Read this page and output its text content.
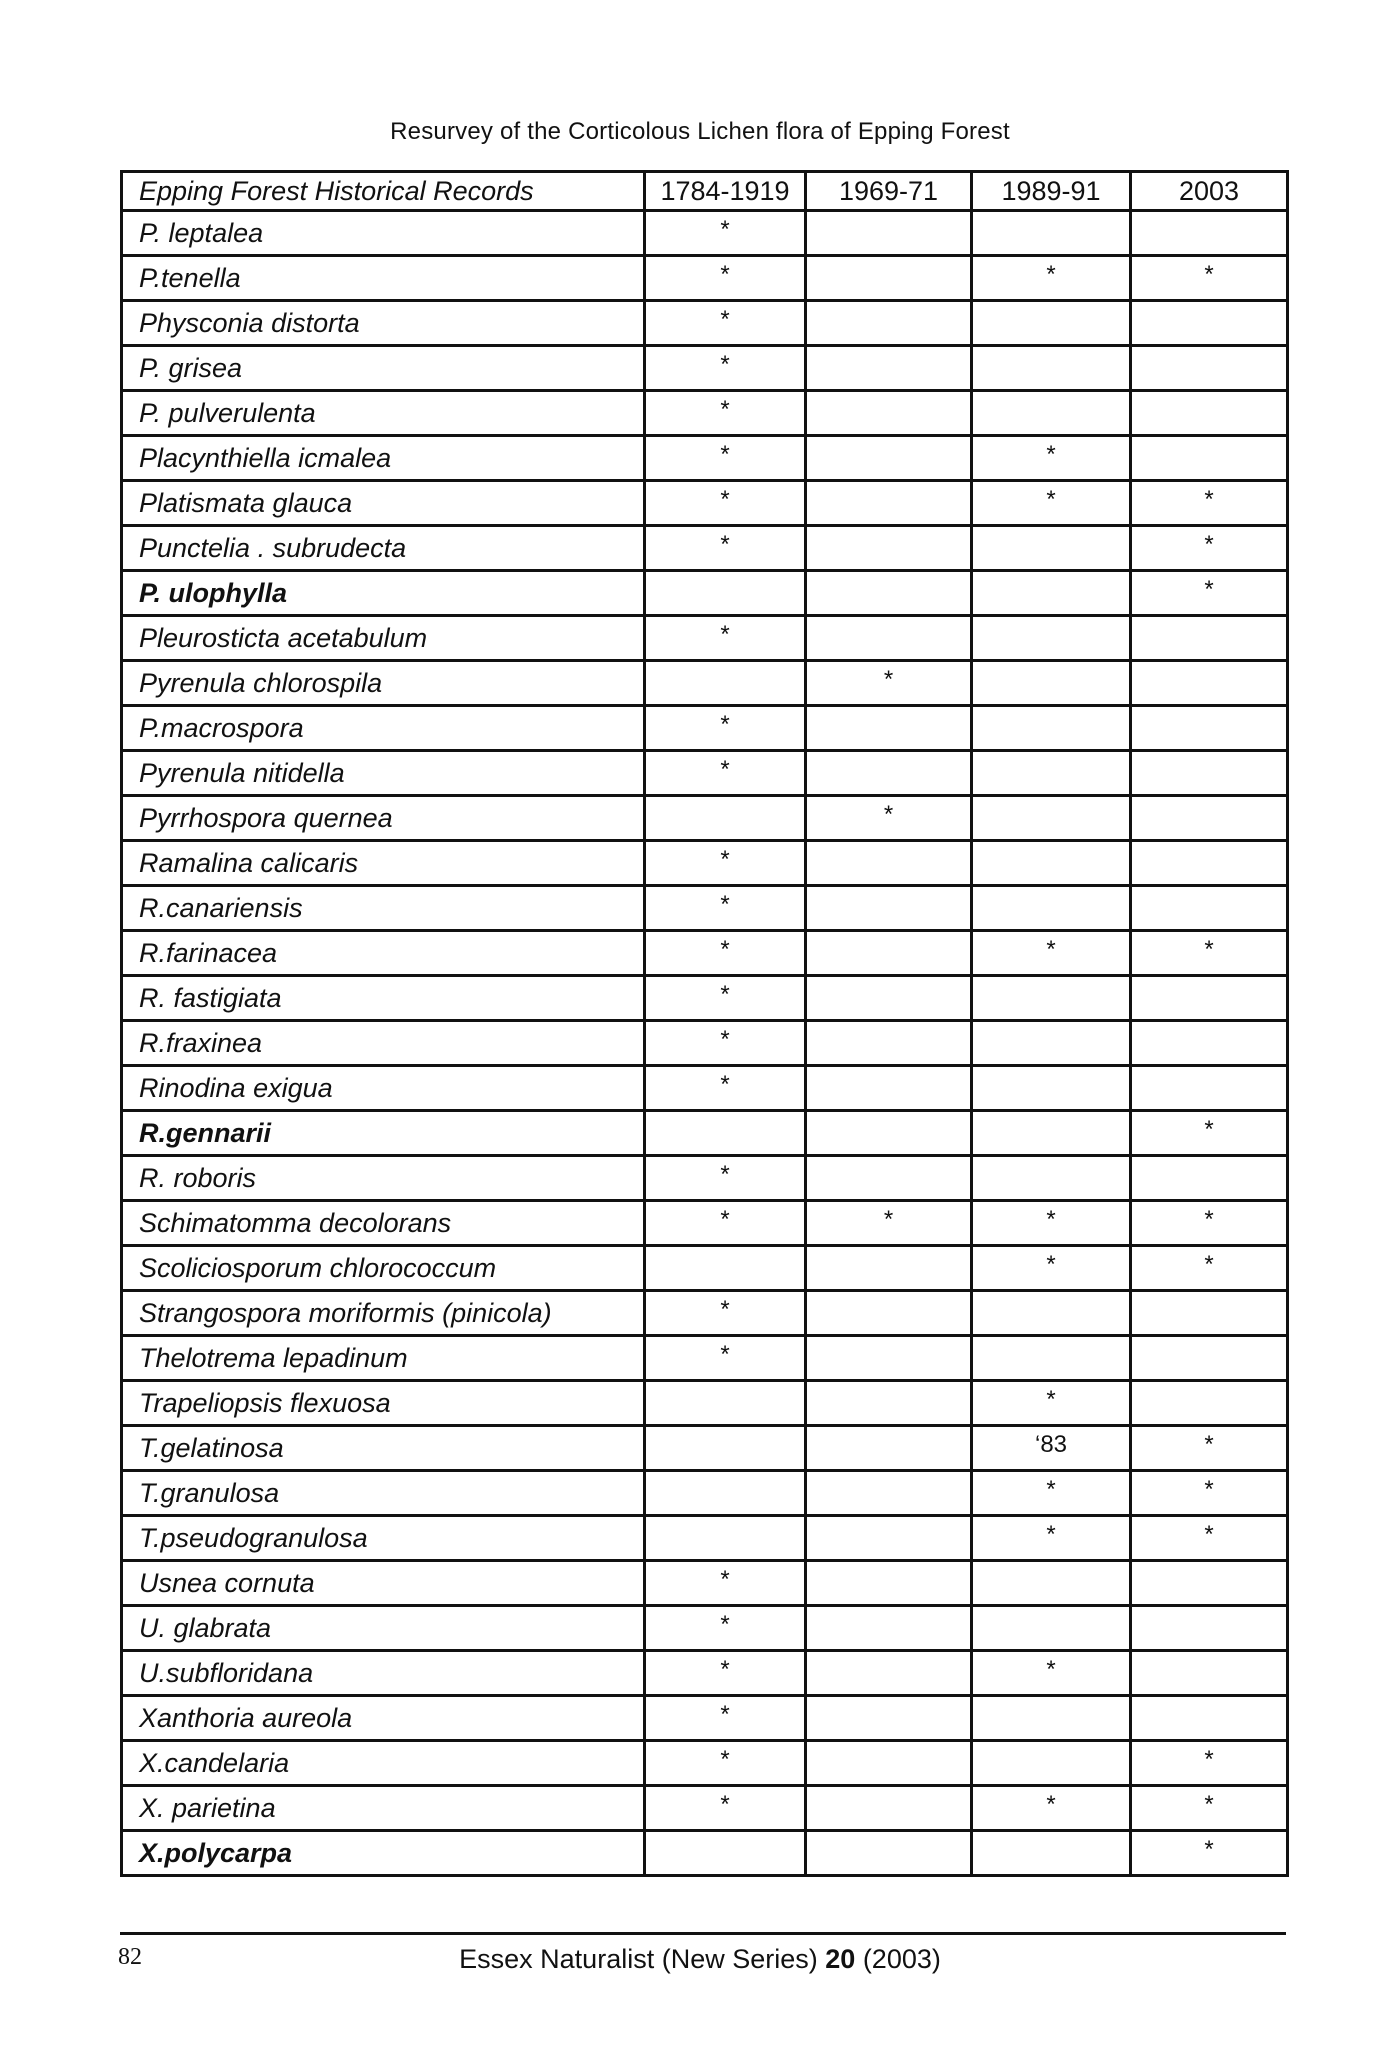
Resurvey of the Corticolous Lichen flora of Epping Forest
Epping Forest Historical Records	1784-1919	1969-71	1989-91	2003
P. leptalea	*			
P.tenella	*		*	*
Physconia distorta	*			
P. grisea	*			
P. pulverulenta	*			
Placynthiella icmalea	*		*	
Platismata glauca	*		*	*
Punctelia . subrudecta	*			*
P. ulophylla				*
Pleurosticta acetabulum	*			
Pyrenula chlorospila		*		
P.macrospora	*			
Pyrenula nitidella	*			
Pyrrhospora quernea		*		
Ramalina calicaris	*			
R.canariensis	*			
R.farinacea	*		*	*
R. fastigiata	*			
R.fraxinea	*			
Rinodina exigua	*			
R.gennarii				*
R. roboris	*			
Schimatomma decolorans	*	*	*	*
Scoliciosporum chlorococcum			*	*
Strangospora moriformis (pinicola)	*			
Thelotrema lepadinum	*			
Trapeliopsis flexuosa			*	
T.gelatinosa			‘83	*
T.granulosa			*	*
T.pseudogranulosa			*	*
Usnea cornuta	*			
U. glabrata	*			
U.subfloridana	*		*	
Xanthoria aureola	*			
X.candelaria	*			*
X. parietina	*		*	*
X.polycarpa				*
82	Essex Naturalist (New Series) 20 (2003)
